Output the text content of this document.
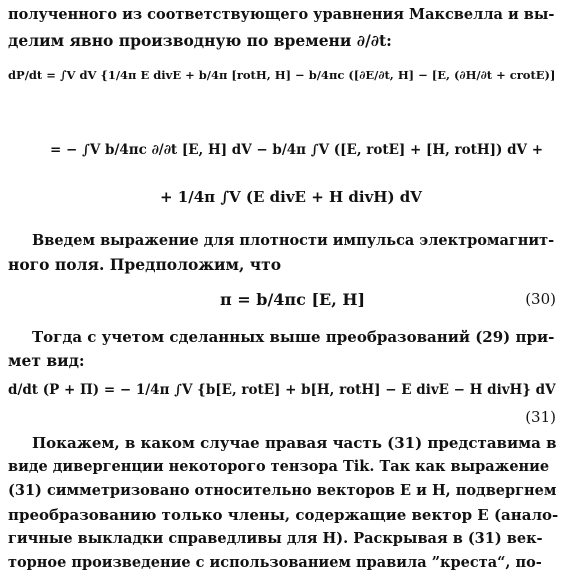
полученного из соответствующего уравнения Максвелла и вы-
делим явно производную по времени ∂/∂t:
dP/dt = ∫V dV {1/4π E divE + b/4π [rotH, H] − b/4πc ([∂E/∂t, H] − [E, (∂H/∂t + crotE)]
= − ∫V b/4πc ∂/∂t [E, H] dV − b/4π ∫V ([E, rotE] + [H, rotH]) dV +
+ 1/4π ∫V (E divE + H divH) dV
Введем выражение для плотности импульса электромагнит-
ного поля. Предположим, что
π = b/4πc [E, H]	(30)
Тогда с учетом сделанных выше преобразований (29) при-
мет вид:
d/dt (P + Π) = − 1/4π ∫V {b[E, rotE] + b[H, rotH] − E divE − H divH} dV
(31)
Покажем, в каком случае правая часть (31) представима в
виде дивергенции некоторого тензора Tik. Так как выражение
(31) симметризовано относительно векторов E и H, подвергнем
преобразованию только члены, содержащие вектор E (анало-
гичные выкладки справедливы для H). Раскрывая в (31) век-
торное произведение с использованием правила ”креста“, по-
